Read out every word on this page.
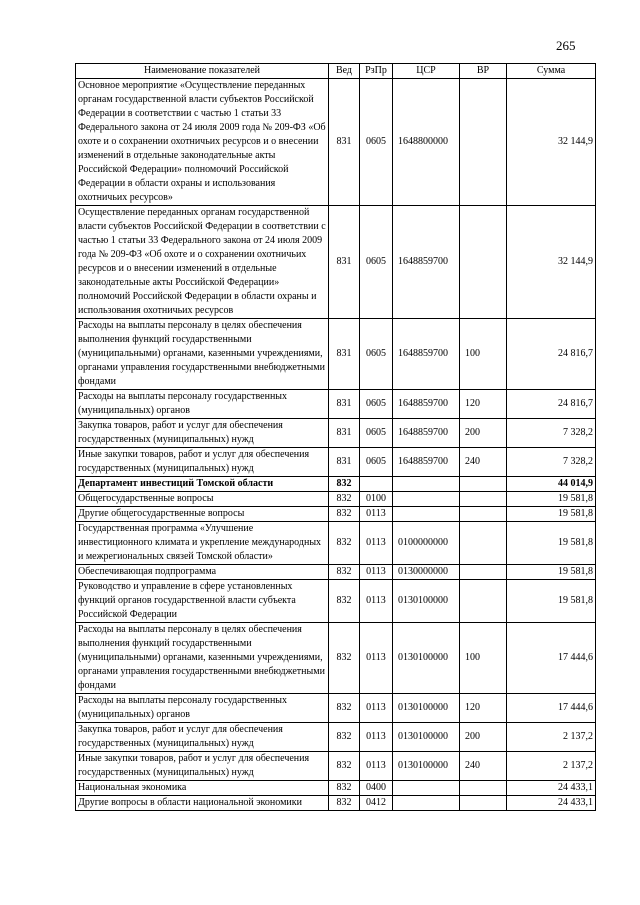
265
Наименование показателей	Вед	РзПр	ЦСР	ВР	Сумма
Основное мероприятие «Осуществление переданных органам государственной власти субъектов Российской Федерации в соответствии с частью 1 статьи 33 Федерального закона от 24 июля 2009 года № 209-ФЗ «Об охоте и о сохранении охотничьих ресурсов и о внесении изменений в отдельные законодательные акты Российской Федерации» полномочий Российской Федерации в области охраны и использования охотничьих ресурсов»	831	0605	1648800000		32 144,9
Осуществление переданных органам государственной власти субъектов Российской Федерации в соответствии с частью 1 статьи 33 Федерального закона от 24 июля 2009 года № 209-ФЗ «Об охоте и о сохранении охотничьих ресурсов и о внесении изменений в отдельные законодательные акты Российской Федерации» полномочий Российской Федерации в области охраны и использования охотничьих ресурсов	831	0605	1648859700		32 144,9
Расходы на выплаты персоналу в целях обеспечения выполнения функций государственными (муниципальными) органами, казенными учреждениями, органами управления государственными внебюджетными фондами	831	0605	1648859700	100	24 816,7
Расходы на выплаты персоналу государственных (муниципальных) органов	831	0605	1648859700	120	24 816,7
Закупка товаров, работ и услуг для обеспечения государственных (муниципальных) нужд	831	0605	1648859700	200	7 328,2
Иные закупки товаров, работ и услуг для обеспечения государственных (муниципальных) нужд	831	0605	1648859700	240	7 328,2
Департамент инвестиций Томской области	832				44 014,9
Общегосударственные вопросы	832	0100			19 581,8
Другие общегосударственные вопросы	832	0113			19 581,8
Государственная программа «Улучшение инвестиционного климата и укрепление международных и межрегиональных связей Томской области»	832	0113	0100000000		19 581,8
Обеспечивающая подпрограмма	832	0113	0130000000		19 581,8
Руководство и управление в сфере установленных функций органов государственной власти субъекта Российской Федерации	832	0113	0130100000		19 581,8
Расходы на выплаты персоналу в целях обеспечения выполнения функций государственными (муниципальными) органами, казенными учреждениями, органами управления государственными внебюджетными фондами	832	0113	0130100000	100	17 444,6
Расходы на выплаты персоналу государственных (муниципальных) органов	832	0113	0130100000	120	17 444,6
Закупка товаров, работ и услуг для обеспечения государственных (муниципальных) нужд	832	0113	0130100000	200	2 137,2
Иные закупки товаров, работ и услуг для обеспечения государственных (муниципальных) нужд	832	0113	0130100000	240	2 137,2
Национальная экономика	832	0400			24 433,1
Другие вопросы в области национальной экономики	832	0412			24 433,1
